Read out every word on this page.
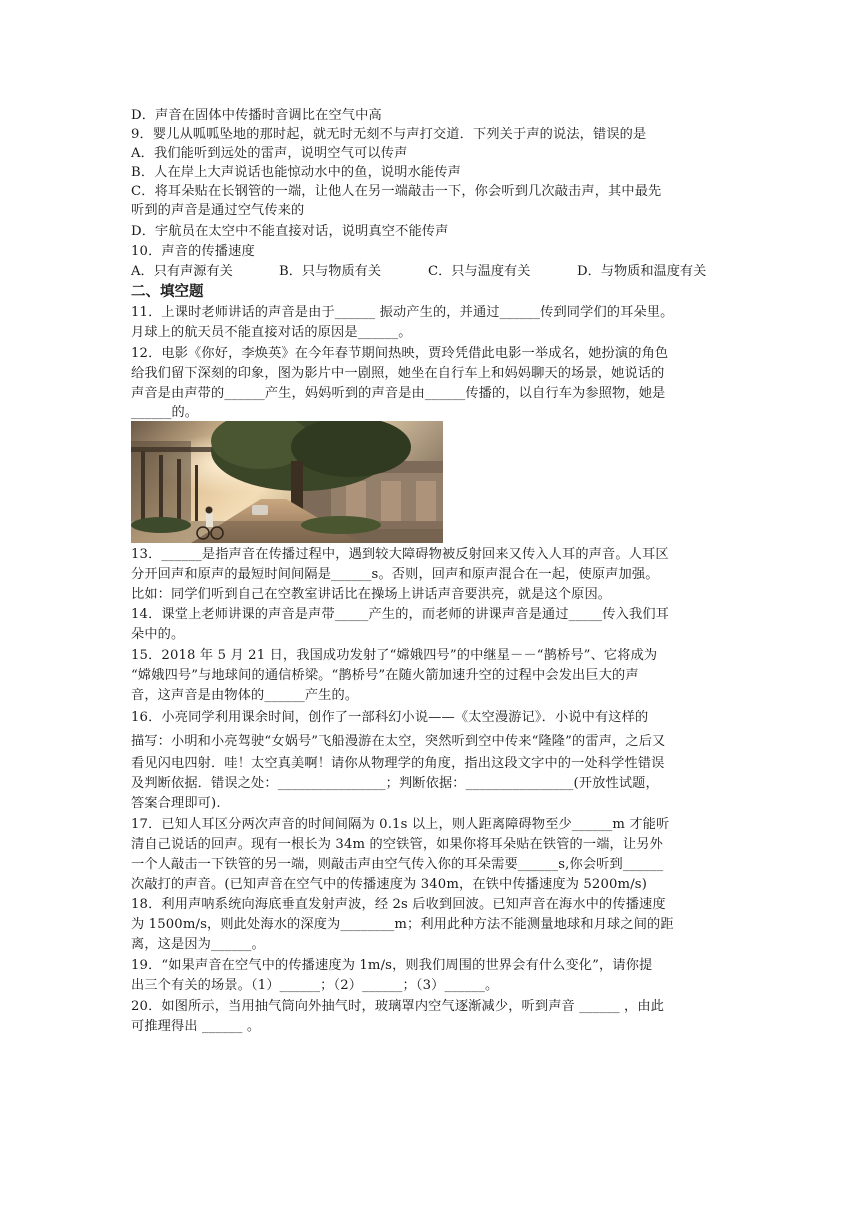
A．只有声源有关	B．只与物质有关	C．只与温度有关	D．与物质和温度有关
二、填空题
D．声音在固体中传播时音调比在空气中高
9．婴儿从呱呱坠地的那时起，就无时无刻不与声打交道．下列关于声的说法，错误的是
A．我们能听到远处的雷声，说明空气可以传声
B．人在岸上大声说话也能惊动水中的鱼，说明水能传声
C．将耳朵贴在长钢管的一端，让他人在另一端敲击一下，你会听到几次敲击声，其中最先
听到的声音是通过空气传来的
D．宇航员在太空中不能直接对话，说明真空不能传声
10．声音的传播速度
11．上课时老师讲话的声音是由于______ 振动产生的，并通过______传到同学们的耳朵里。
月球上的航天员不能直接对话的原因是______。
12．电影《你好，李焕英》在今年春节期间热映，贾玲凭借此电影一举成名，她扮演的角色
给我们留下深刻的印象，图为影片中一剧照，她坐在自行车上和妈妈聊天的场景，她说话的
声音是由声带的______产生，妈妈听到的声音是由______传播的，以自行车为参照物，她是
______的。
13．______是指声音在传播过程中，遇到较大障碍物被反射回来又传入人耳的声音。人耳区
分开回声和原声的最短时间间隔是______s。否则，回声和原声混合在一起，使原声加强。
比如：同学们听到自己在空教室讲话比在操场上讲话声音要洪亮，就是这个原因。
14．课堂上老师讲课的声音是声带_____产生的，而老师的讲课声音是通过_____传入我们耳
朵中的。
15．2018 年 5 月 21 日，我国成功发射了“嫦娥四号”的中继星－－“鹊桥号”、它将成为
“嫦娥四号”与地球间的通信桥梁。“鹊桥号”在随火箭加速升空的过程中会发出巨大的声
音，这声音是由物体的______产生的。
16．小亮同学利用课余时间，创作了一部科幻小说——《太空漫游记》．小说中有这样的
描写：小明和小亮驾驶“女娲号”飞船漫游在太空，突然听到空中传来“隆隆”的雷声，之后又
看见闪电四射．哇！太空真美啊！请你从物理学的角度，指出这段文字中的一处科学性错误
及判断依据．错误之处：________________；判断依据：________________(开放性试题，
答案合理即可).
17．已知人耳区分两次声音的时间间隔为 0.1s 以上，则人距离障碍物至少______m 才能听
清自己说话的回声。现有一根长为 34m 的空铁管，如果你将耳朵贴在铁管的一端，让另外
一个人敲击一下铁管的另一端，则敲击声由空气传入你的耳朵需要______s,你会听到______
次敲打的声音。(已知声音在空气中的传播速度为 340m，在铁中传播速度为 5200m/s)
18．利用声呐系统向海底垂直发射声波，经 2s 后收到回波。已知声音在海水中的传播速度
为 1500m/s，则此处海水的深度为________m；利用此种方法不能测量地球和月球之间的距
离，这是因为______。
19．“如果声音在空气中的传播速度为 1m/s，则我们周围的世界会有什么变化”，请你提
出三个有关的场景。（1）______；（2）______；（3）______。
20．如图所示，当用抽气筒向外抽气时，玻璃罩内空气逐渐减少，听到声音 ______ ，由此
可推理得出 ______ 。
